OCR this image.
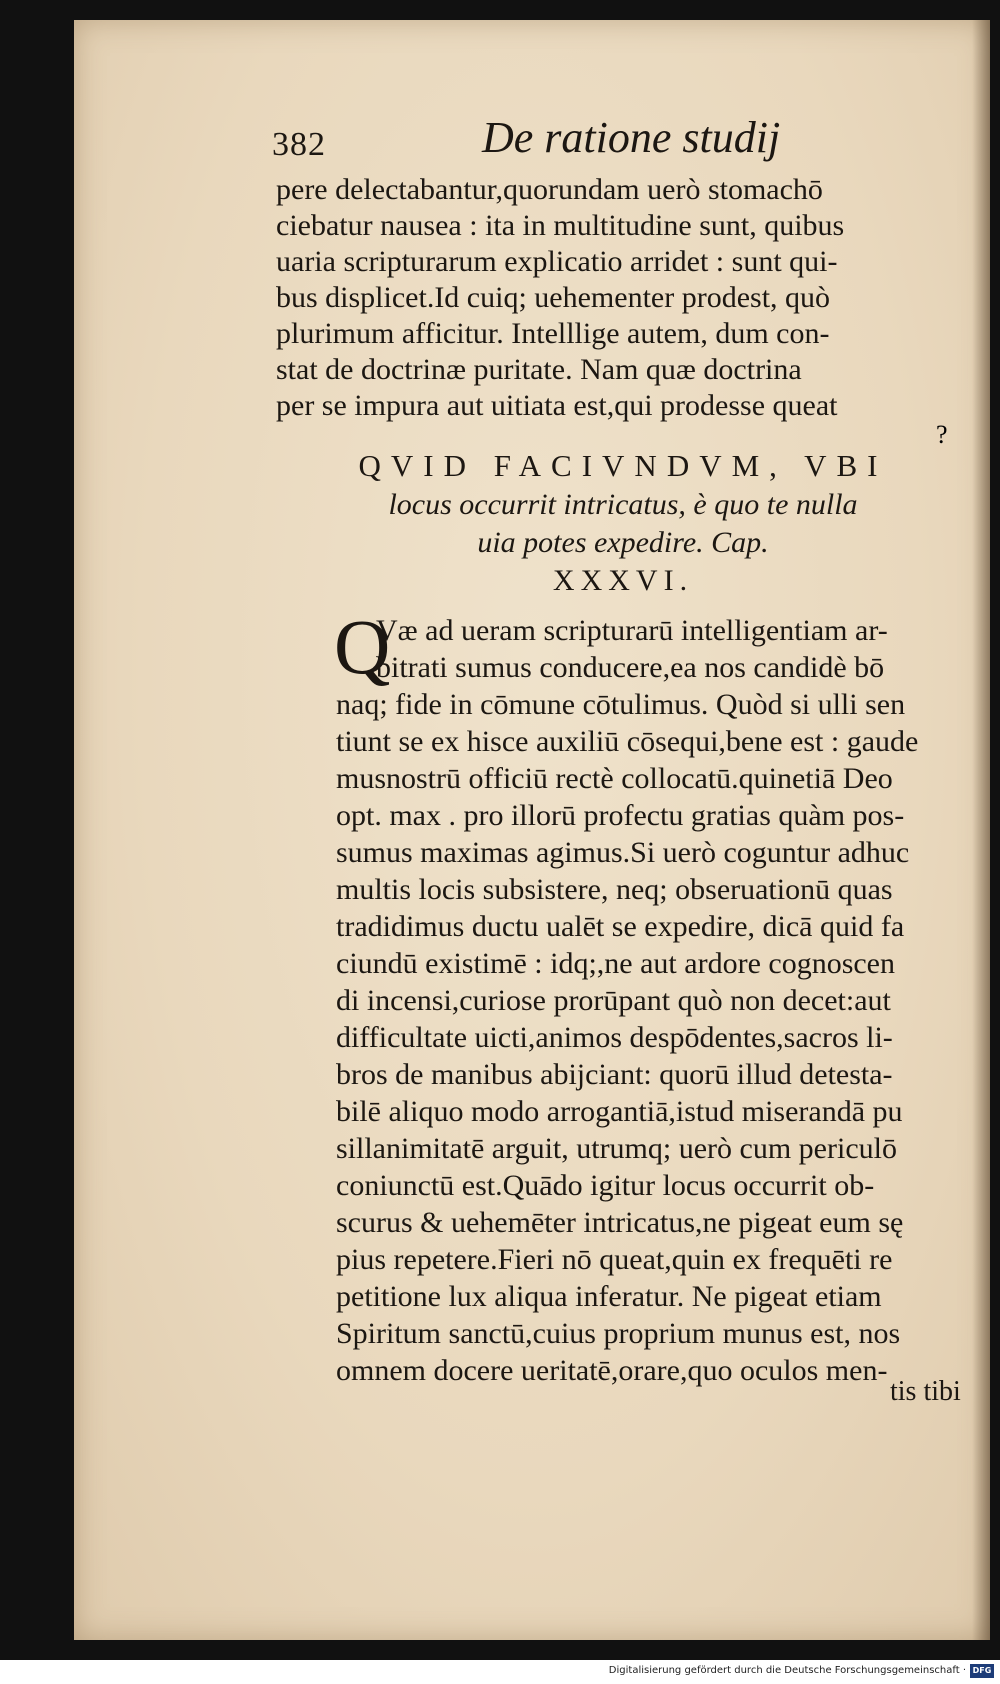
382	De ratione studij
pere delectabantur,quorundam uerò stomachō
ciebatur nausea : ita in multitudine sunt, quibus
uaria scripturarum explicatio arridet : sunt qui-
bus displicet.Id cuiq; uehementer prodest, quò
plurimum afficitur. Intelllige autem, dum con-
stat de doctrinæ puritate. Nam quæ doctrina
per se impura aut uitiata est,qui prodesse queat
?
QVID FACIVNDVM, VBI
locus occurrit intricatus, è quo te nulla
uia potes expedire. Cap.
XXXVI.
Q
Væ ad ueram scripturarū intelligentiam ar-
bitrati sumus conducere,ea nos candidè bō
naq; fide in cōmune cōtulimus. Quòd si ulli sen
tiunt se ex hisce auxiliū cōsequi,bene est : gaude
musnostrū officiū rectè collocatū.quinetiā Deo
opt. max . pro illorū profectu gratias quàm pos-
sumus maximas agimus.Si uerò coguntur adhuc
multis locis subsistere, neq; obseruationū quas
tradidimus ductu ualēt se expedire, dicā quid fa
ciundū existimē : idq;,ne aut ardore cognoscen
di incensi,curiose prorūpant quò non decet:aut
difficultate uicti,animos despōdentes,sacros li-
bros de manibus abijciant: quorū illud detesta-
bilē aliquo modo arrogantiā,istud miserandā pu
sillanimitatē arguit, utrumq; uerò cum periculō
coniunctū est.Quādo igitur locus occurrit ob-
scurus & uehemēter intricatus,ne pigeat eum sę
pius repetere.Fieri nō queat,quin ex frequēti re
petitione lux aliqua inferatur. Ne pigeat etiam
Spiritum sanctū,cuius proprium munus est, nos
omnem docere ueritatē,orare,quo oculos men-
tis tibi
Digitalisierung gefördert durch die Deutsche Forschungsgemeinschaft · DFG
